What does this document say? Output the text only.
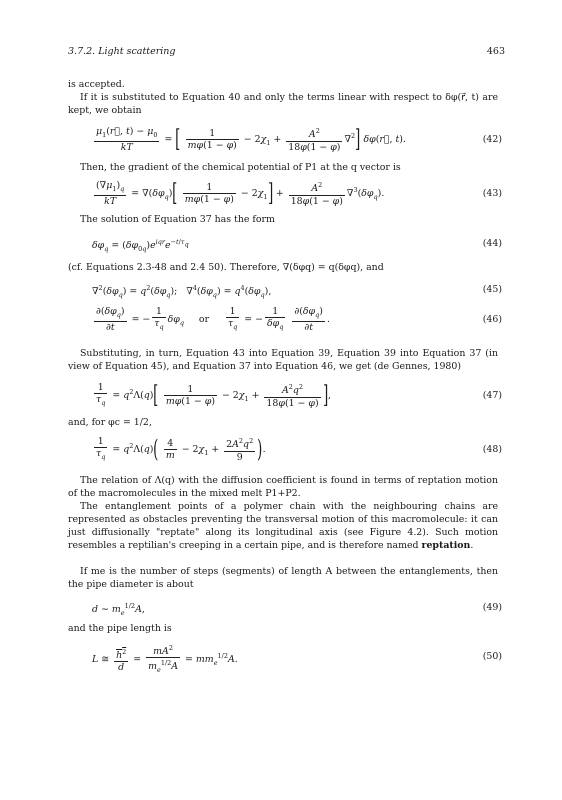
3.7.2. Light scattering	463
is accepted.
If it is substituted to Equation 40 and only the terms linear with respect to δφ(r⃗, t) are kept, we obtain
$\frac{\mu_1(r⃗, t) - \mu_0}{kT}$ = [ $\frac{1}{m\varphi(1 - \varphi)} - 2\chi_1 + \frac{A^2}{18\varphi(1 - \varphi)} \nabla^2$] δφ(r⃗, t).	(42)
Then, the gradient of the chemical potential of P1 at the q vector is
$\frac{(\nabla\mu_1)_q}{kT} = \nabla(\delta\varphi_q)[ \frac{1}{m\varphi(1 - \varphi)} - 2\chi_1] + \frac{A^2}{18\varphi(1 - \varphi)} \nabla^3(\delta\varphi_q)$.	(43)
The solution of Equation 37 has the form
$\delta\varphi_q = (\delta\varphi_{0q})e^{iqr}e^{-t/\tau_q}$	(44)
(cf. Equations 2.3-48 and 2.4 50). Therefore, ∇(δφq) = q(δφq), and
$\nabla^2(\delta\varphi_q) = q^2(\delta\varphi_q)$;   $\nabla^4(\delta\varphi_q) = q^4(\delta\varphi_q)$,	(45)
$\partial(\delta\varphi_q)$
∂t
= − $\frac{1}{\tau_q} \delta\varphi_q$ or $\frac{1}{\tau_q}$ = −
1
$\delta\varphi_q$

$\partial(\delta\varphi_q)$
∂t
.	(46)
Substituting, in turn, Equation 43 into Equation 39, Equation 39 into Equation 37 (in view of Equation 45), and Equation 37 into Equation 46, we get (de Gennes, 1980)
$\frac{1}{\tau_q} = q^2\Lambda(q)[ \frac{1}{m\varphi(1 - \varphi)} - 2\chi_1 + \frac{A^2q^2}{18\varphi(1 - \varphi)}$ ],	(47)
and, for φc = 1/2,
$\frac{1}{\tau_q} = q^2\Lambda(q)( \frac{4}{m} - 2\chi_1 + \frac{2A^2q^2}{9}$ ).	(48)
The relation of Λ(q) with the diffusion coefficient is found in terms of reptation motion of the macromolecules in the mixed melt P1+P2.
The entanglement points of a polymer chain with the neighbouring chains are represented as obstacles preventing the transversal motion of this macromolecule: it can just diffusionally "reptate" along its longitudinal axis (see Figure 4.2). Such motion resembles a reptilian's creeping in a certain pipe, and is therefore named reptation.
If me is the number of steps (segments) of length A between the entanglements, then the pipe diameter is about
d ∼ $m_e^{1/2}A$,	(49)
and the pipe length is
L ≅ $\frac{h^2}{d} = \frac{mA^2}{m_e^{1/2}A} = mm_e^{1/2}A$.	(50)
